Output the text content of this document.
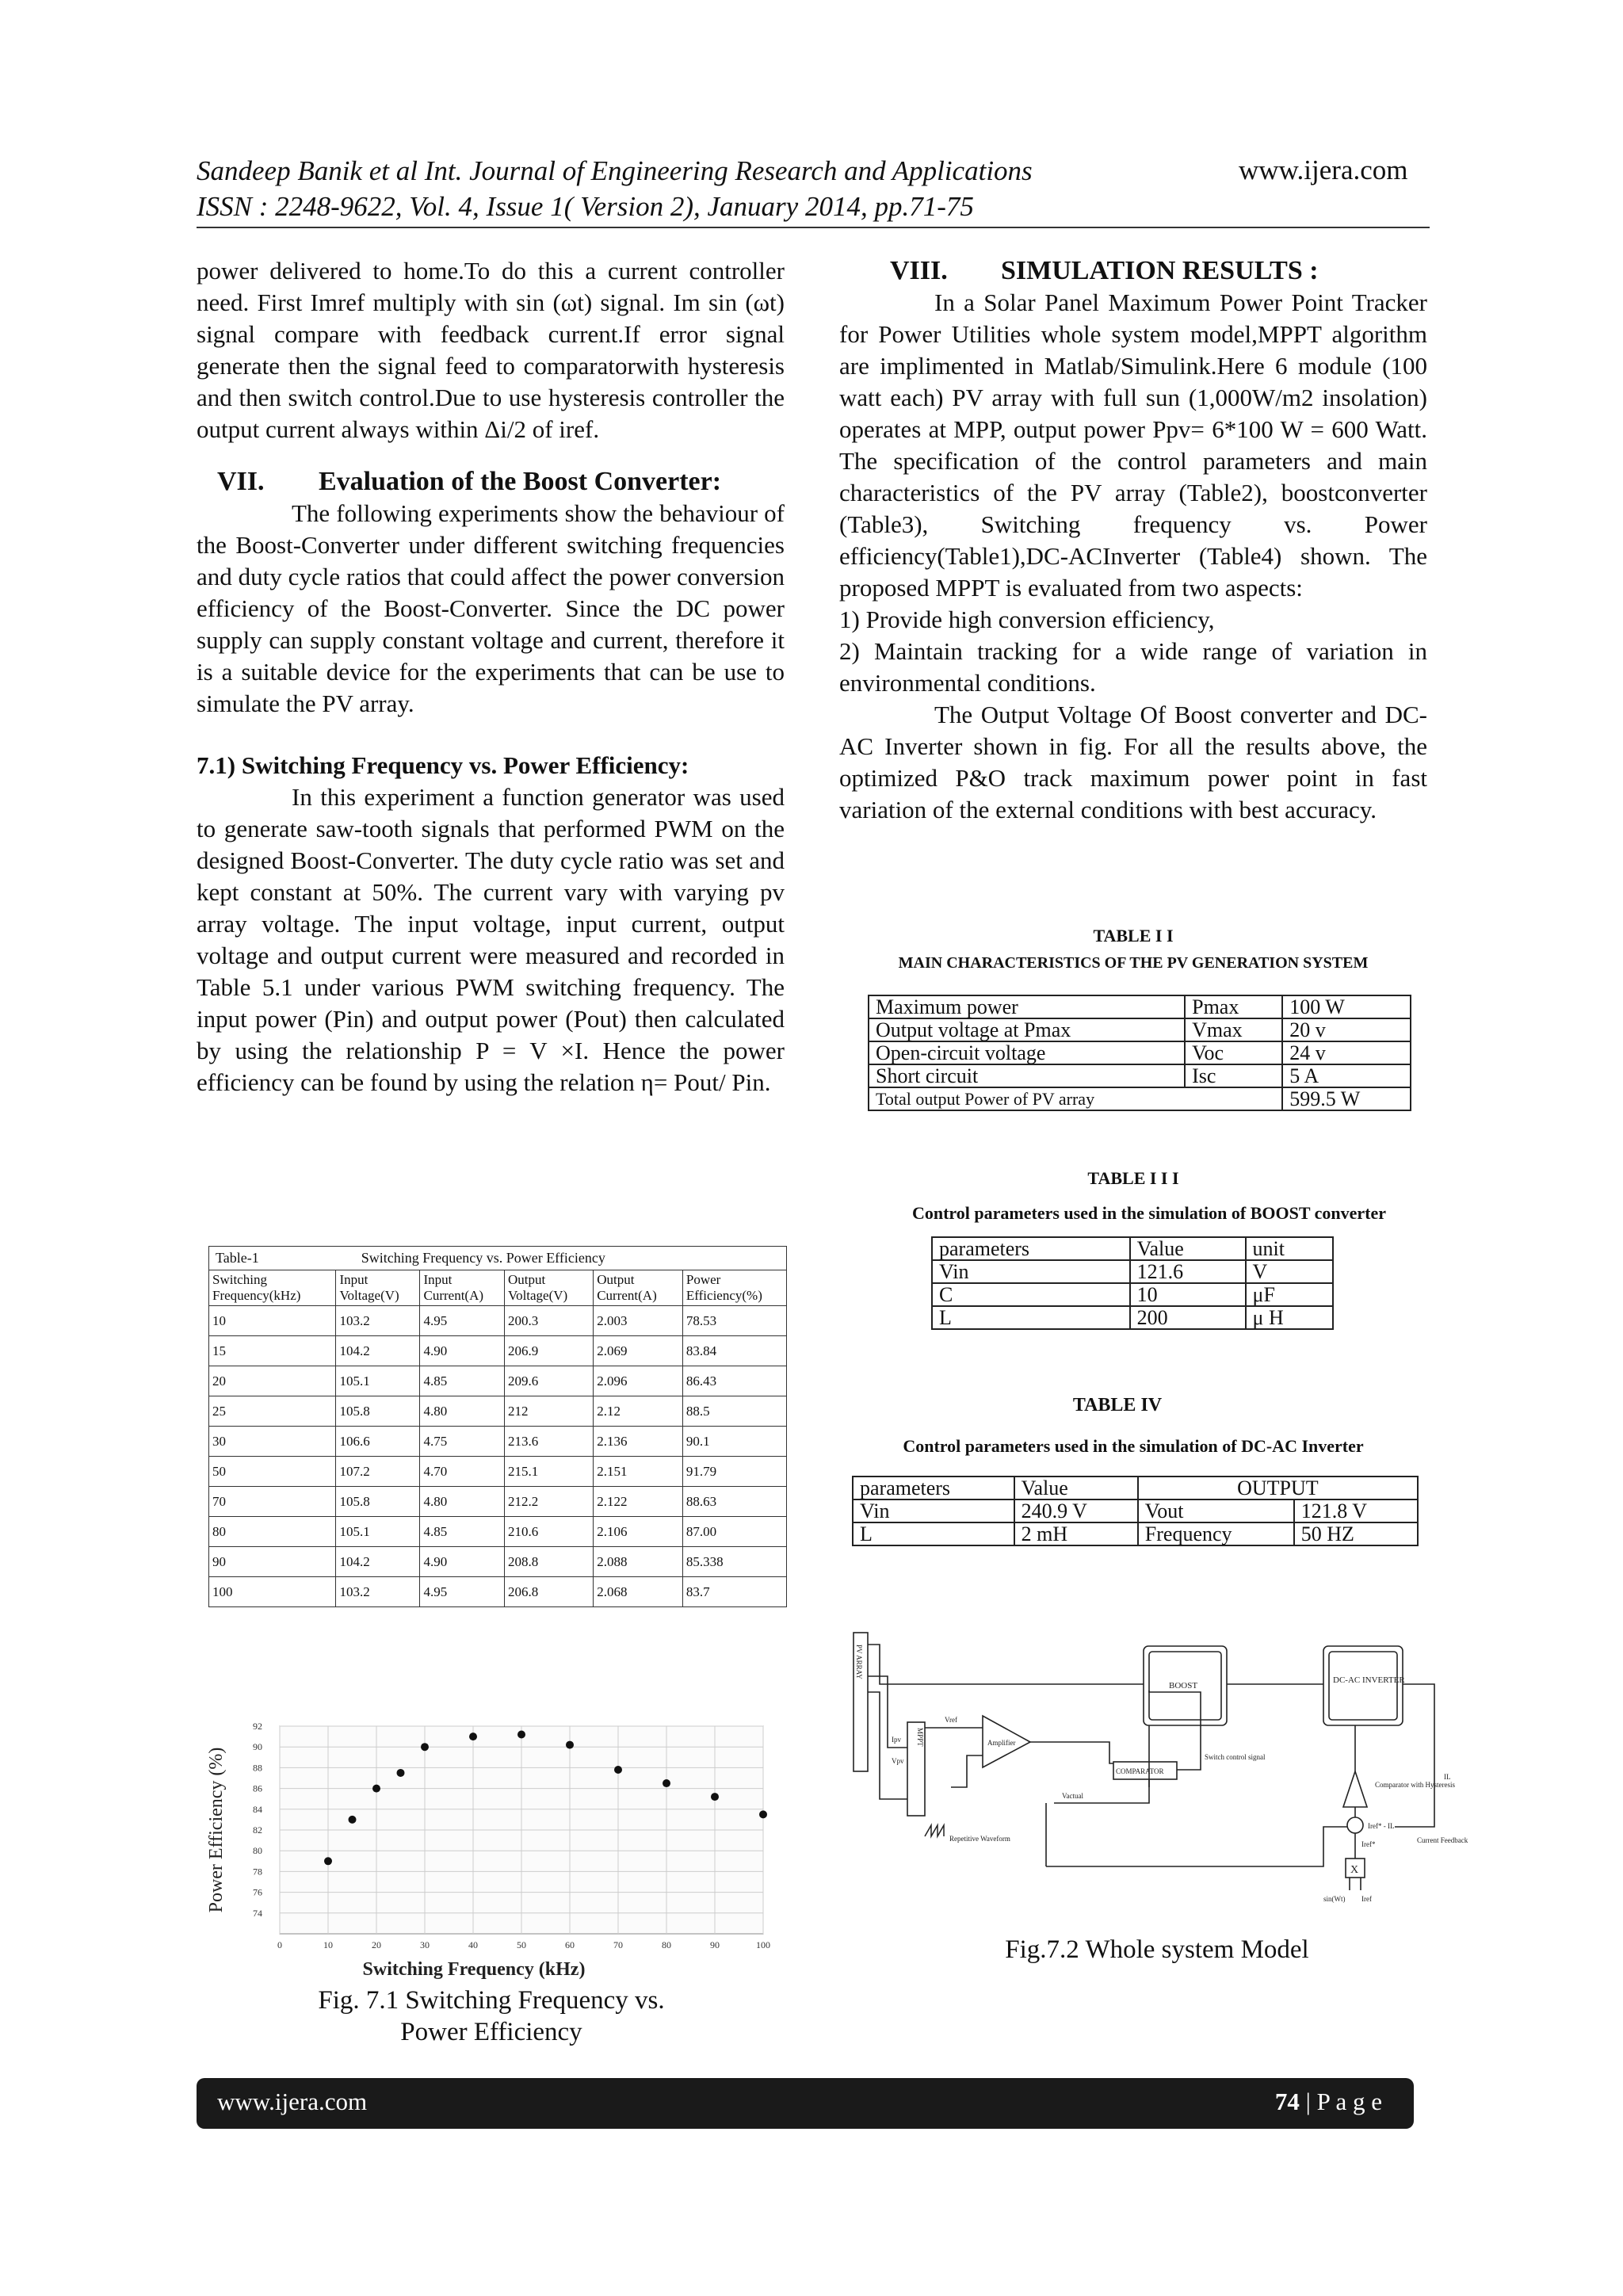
Sandeep Banik et al Int. Journal of Engineering Research and Applications	www.ijera.com
ISSN : 2248-9622, Vol. 4, Issue 1( Version 2), January 2014, pp.71-75

power delivered to home.To do this a current controller need. First Imref multiply with sin (ωt) signal. Im sin (ωt) signal compare with feedback current.If error signal generate then the signal feed to comparatorwith hysteresis and then switch control.Due to use hysteresis controller the output current always within Δi/2 of iref.

VII. Evaluation of the Boost Converter:

The following experiments show the behaviour of the Boost-Converter under different switching frequencies and duty cycle ratios that could affect the power conversion efficiency of the Boost-Converter. Since the DC power supply can supply constant voltage and current, therefore it is a suitable device for the experiments that can be use to simulate the PV array.

7.1) Switching Frequency vs. Power Efficiency:

In this experiment a function generator was used to generate saw-tooth signals that performed PWM on the designed Boost-Converter. The duty cycle ratio was set and kept constant at 50%. The current vary with varying pv array voltage. The input voltage, input current, output voltage and output current were measured and recorded in Table 5.1 under various PWM switching frequency. The input power (Pin) and output power (Pout) then calculated by using the relationship P = V ×I. Hence the power efficiency can be found by using the relation η= Pout/ Pin.

Table-1 Switching Frequency vs. Power Efficiency					
Switching Frequency(kHz)	Input Voltage(V)	Input Current(A)	Output Voltage(V)	Output Current(A)	Power Efficiency(%)
10	103.2	4.95	200.3	2.003	78.53
15	104.2	4.90	206.9	2.069	83.84
20	105.1	4.85	209.6	2.096	86.43
25	105.8	4.80	212	2.12	88.5
30	106.6	4.75	213.6	2.136	90.1
50	107.2	4.70	215.1	2.151	91.79
70	105.8	4.80	212.2	2.122	88.63
80	105.1	4.85	210.6	2.106	87.00
90	104.2	4.90	208.8	2.088	85.338
100	103.2	4.95	206.8	2.068	83.7
0	10	20	30	40	50	60	70	80	90	100
74
76
78
80
82
84
86
88
90
92
Switching Frequency (kHz)
Power Efficiency (%)
Fig. 7.1 Switching Frequency vs. Power Efficiency
VIII. SIMULATION RESULTS :

In a Solar Panel Maximum Power Point Tracker for Power Utilities whole system model,MPPT algorithm are implimented in Matlab/Simulink.Here 6 module (100 watt each) PV array with full sun (1,000W/m2 insolation) operates at MPP, output power Ppv= 6*100 W = 600 Watt. The specification of the control parameters and main characteristics of the PV array (Table2), boostconverter (Table3), Switching frequency vs. Power efficiency(Table1),DC-ACInverter (Table4) shown. The proposed MPPT is evaluated from two aspects:

1) Provide high conversion efficiency,

2) Maintain tracking for a wide range of variation in environmental conditions.

The Output Voltage Of Boost converter and DC-AC Inverter shown in fig. For all the results above, the optimized P&O track maximum power point in fast variation of the external conditions with best accuracy.

TABLE I I
MAIN CHARACTERISTICS OF THE PV GENERATION SYSTEM
Maximum power	Pmax	100 W
Output voltage at Pmax	Vmax	20 v
Open-circuit voltage	Voc	24 v
Short circuit	Isc	5 A
Total output Power of PV array		599.5 W
TABLE I I I
Control parameters used in the simulation of BOOST converter
parameters	Value	unit
Vin	121.6	V
C	10	μF
L	200	μ H
TABLE IV
Control parameters used in the simulation of DC-AC Inverter
parameters	Value	OUTPUT	
Vin	240.9 V	Vout	121.8 V
L	2 mH	Frequency	50 HZ
PV ARRAY
MPPT
Vref
Ipv
Vpv
Amplifier
Repetitive Waveform
COMPARATOR
Vactual
Switch control signal
BOOST
DC-AC INVERTER
Comparator with Hysteresis
IL
Iref* - IL
Iref*	Current Feedback
X
sin(Wt) Iref
Fig.7.2 Whole system Model
www.ijera.com	74 | P a g e
